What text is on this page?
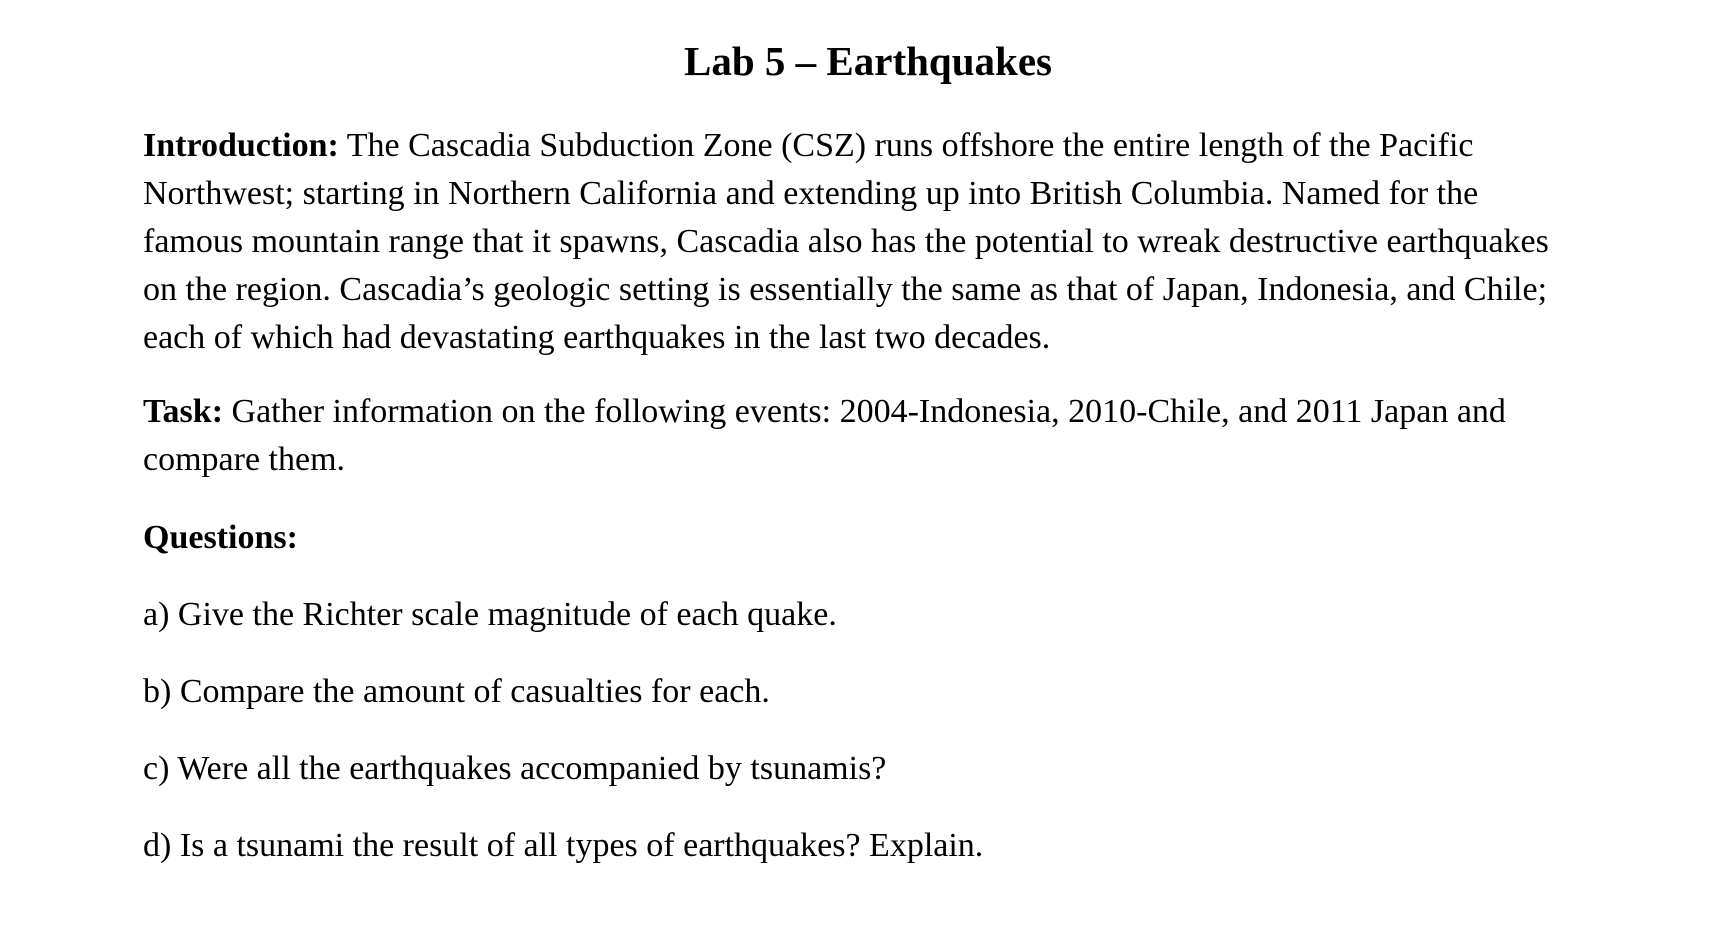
Lab 5 – Earthquakes

Introduction: The Cascadia Subduction Zone (CSZ) runs offshore the entire length of the Pacific Northwest; starting in Northern California and extending up into British Columbia. Named for the famous mountain range that it spawns, Cascadia also has the potential to wreak destructive earthquakes on the region. Cascadia’s geologic setting is essentially the same as that of Japan, Indonesia, and Chile; each of which had devastating earthquakes in the last two decades.

Task: Gather information on the following events: 2004-Indonesia, 2010-Chile, and 2011 Japan and compare them.

Questions:

a) Give the Richter scale magnitude of each quake.

b) Compare the amount of casualties for each.

c) Were all the earthquakes accompanied by tsunamis?

d) Is a tsunami the result of all types of earthquakes? Explain.
